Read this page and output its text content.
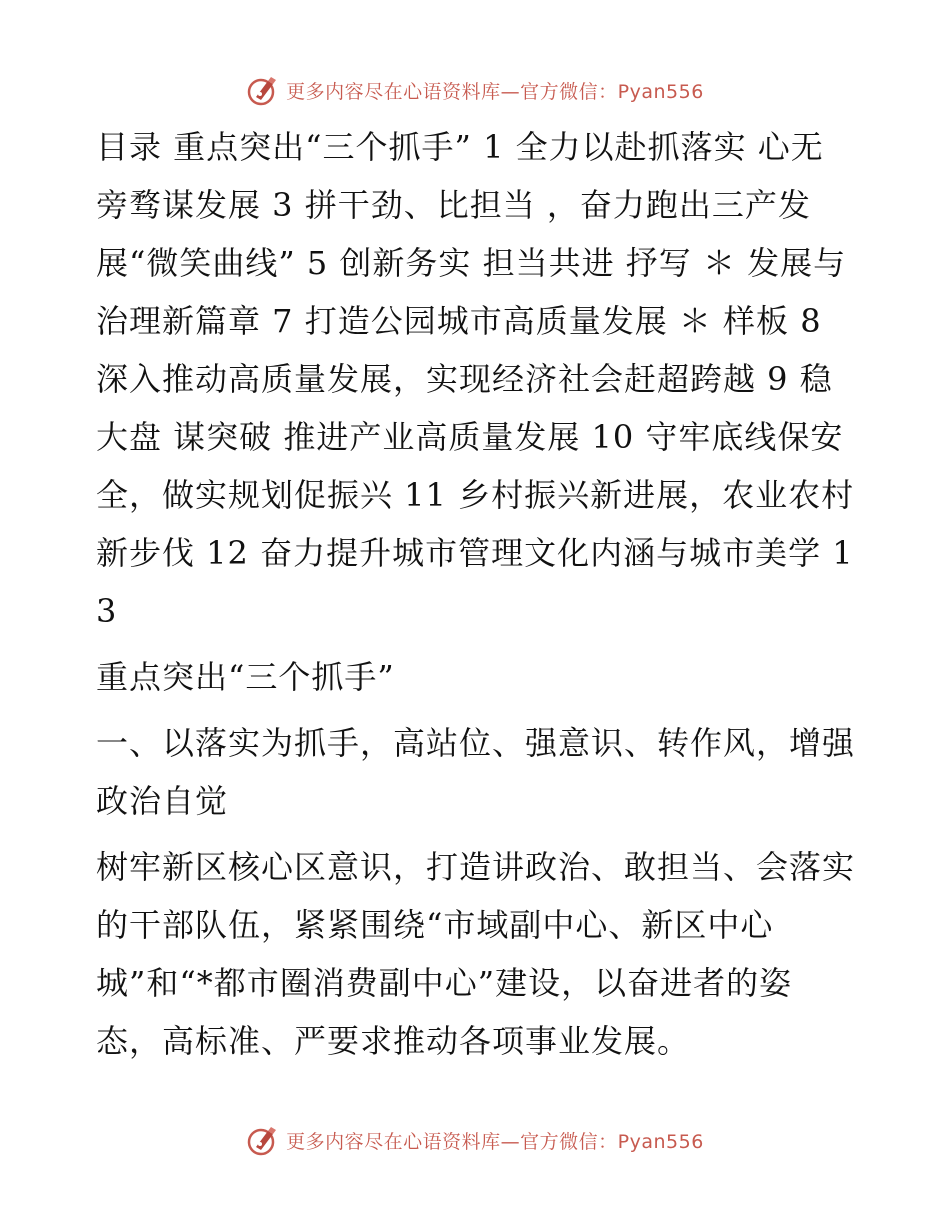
更多内容尽在心语资料库—官方微信：Pyan556

目录 重点突出“三个抓手” 1 全力以赴抓落实 心无旁骛谋发展 3 拼干劲、比担当 ，奋力跑出三产发展“微笑曲线” 5 创新务实 担当共进 抒写 ＊ 发展与治理新篇章 7 打造公园城市高质量发展 ＊ 样板 8 深入推动高质量发展，实现经济社会赶超跨越 9 稳大盘 谋突破 推进产业高质量发展 10 守牢底线保安全，做实规划促振兴 11 乡村振兴新进展，农业农村新步伐 12 奋力提升城市管理文化内涵与城市美学 13

重点突出“三个抓手”

一、以落实为抓手，高站位、强意识、转作风，增强政治自觉

树牢新区核心区意识，打造讲政治、敢担当、会落实的干部队伍，紧紧围绕“市域副中心、新区中心城”和“*都市圈消费副中心”建设，以奋进者的姿态，高标准、严要求推动各项事业发展。

更多内容尽在心语资料库—官方微信：Pyan556
